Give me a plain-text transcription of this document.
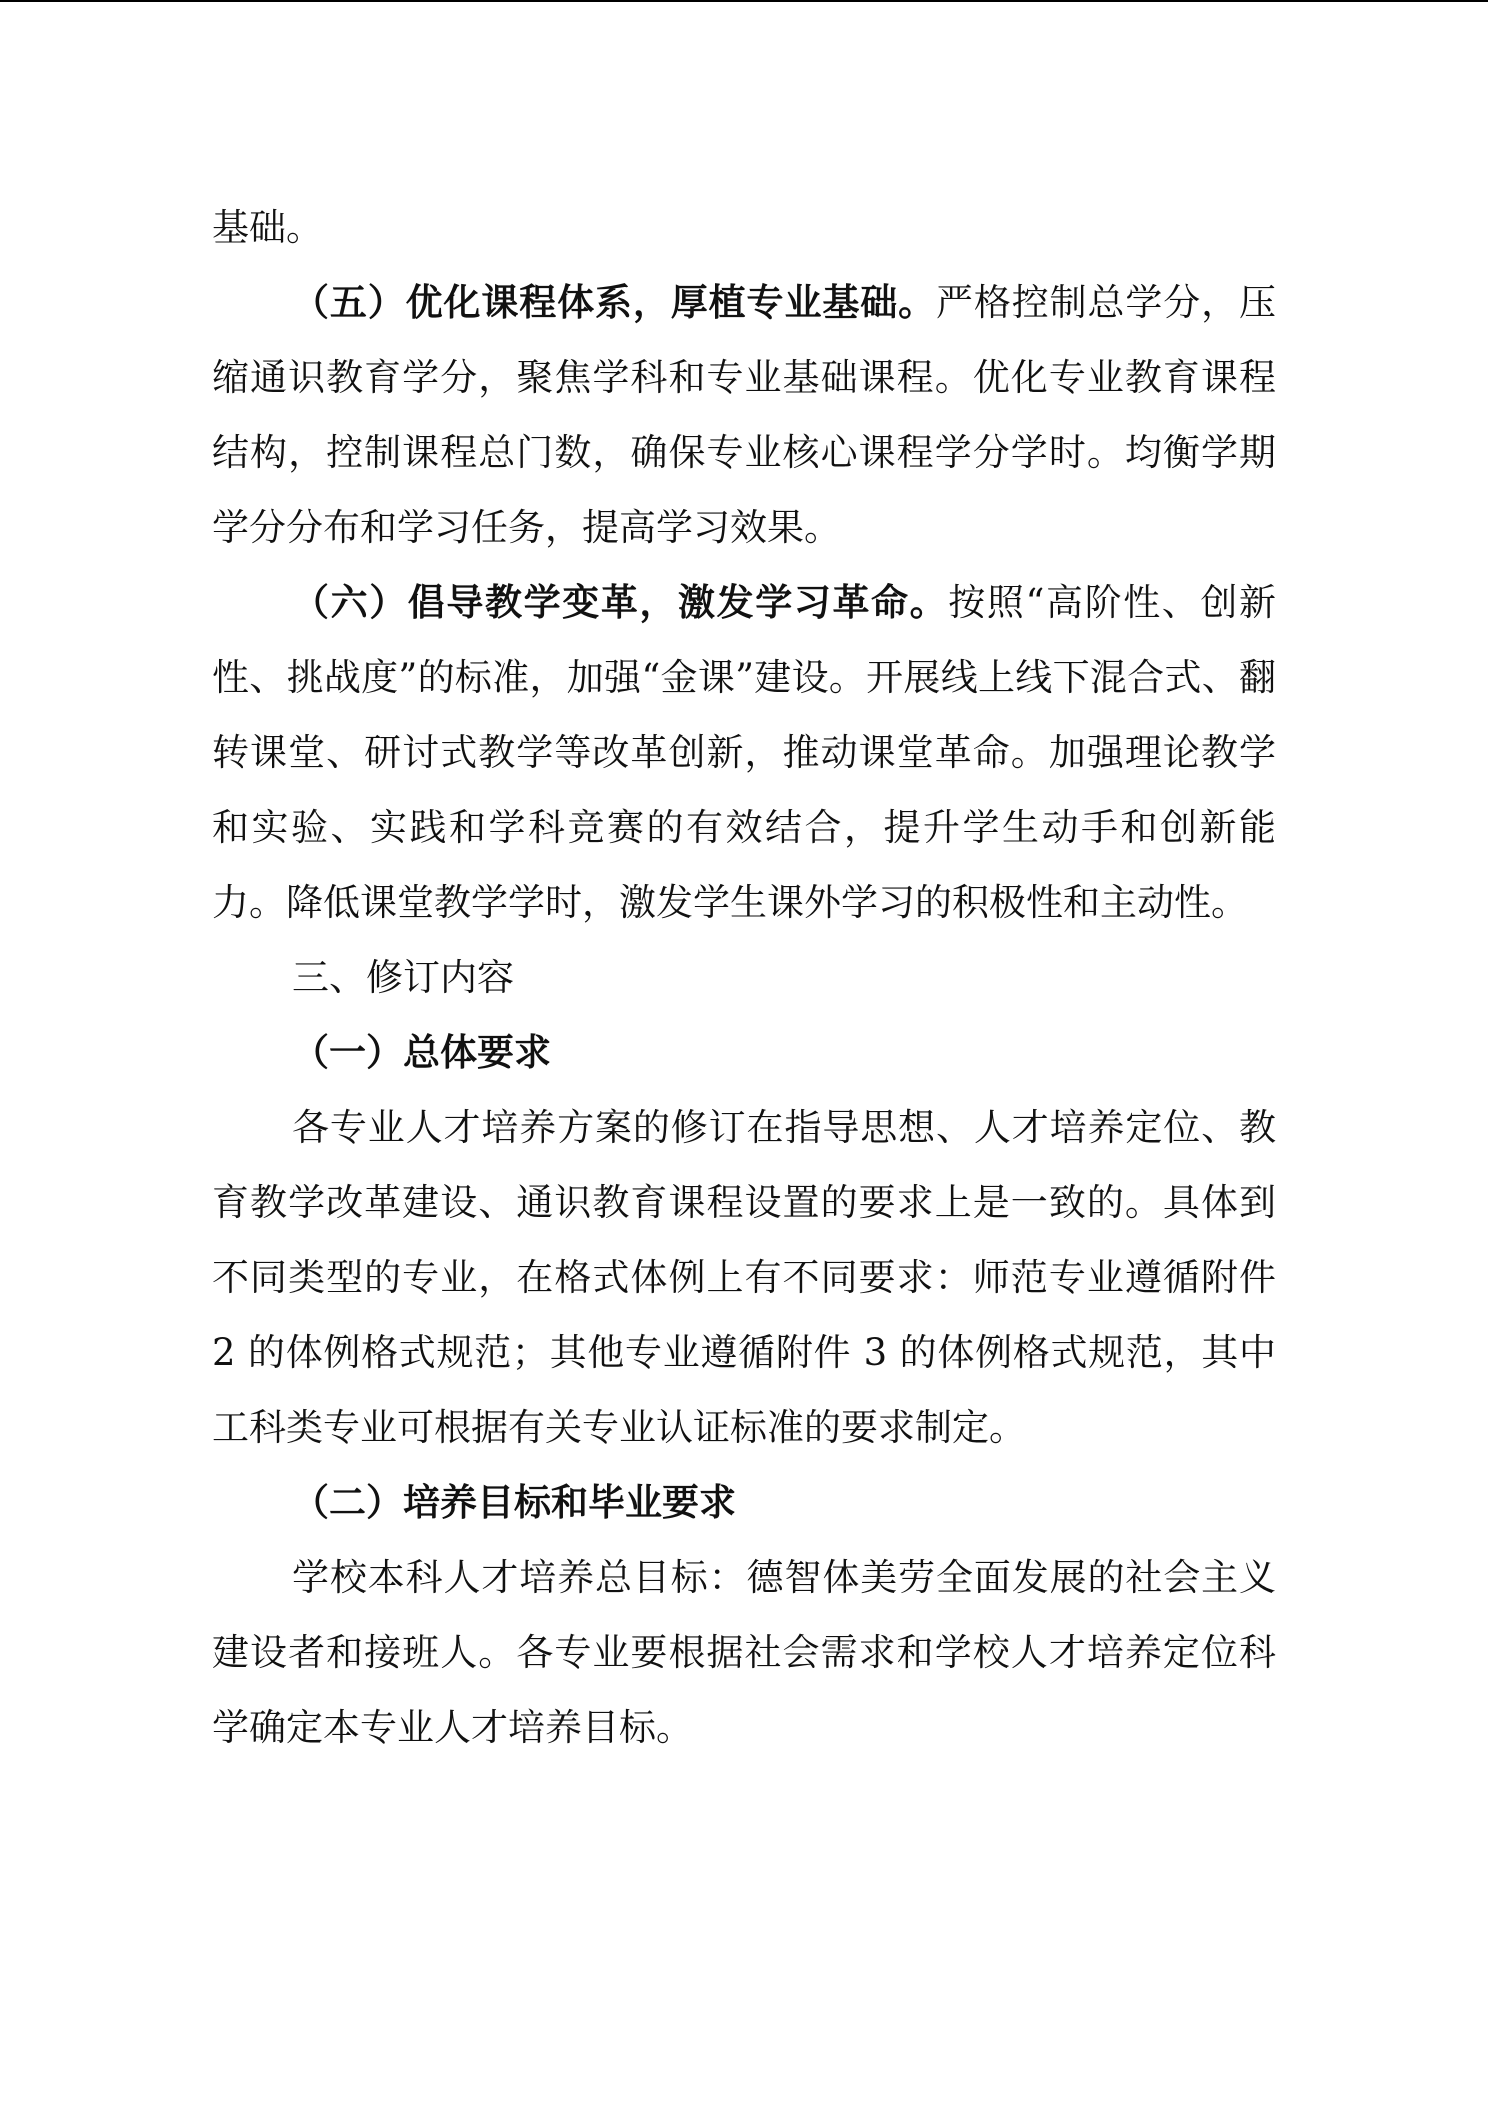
基础。

（五）优化课程体系，厚植专业基础。严格控制总学分，压缩通识教育学分，聚焦学科和专业基础课程。优化专业教育课程结构，控制课程总门数，确保专业核心课程学分学时。均衡学期学分分布和学习任务，提高学习效果。

（六）倡导教学变革，激发学习革命。按照“高阶性、创新性、挑战度”的标准，加强“金课”建设。开展线上线下混合式、翻转课堂、研讨式教学等改革创新，推动课堂革命。加强理论教学和实验、实践和学科竞赛的有效结合，提升学生动手和创新能力。降低课堂教学学时，激发学生课外学习的积极性和主动性。

三、修订内容

（一）总体要求

各专业人才培养方案的修订在指导思想、人才培养定位、教育教学改革建设、通识教育课程设置的要求上是一致的。具体到不同类型的专业，在格式体例上有不同要求：师范专业遵循附件 2 的体例格式规范；其他专业遵循附件 3 的体例格式规范，其中工科类专业可根据有关专业认证标准的要求制定。

（二）培养目标和毕业要求

学校本科人才培养总目标：德智体美劳全面发展的社会主义建设者和接班人。各专业要根据社会需求和学校人才培养定位科学确定本专业人才培养目标。
